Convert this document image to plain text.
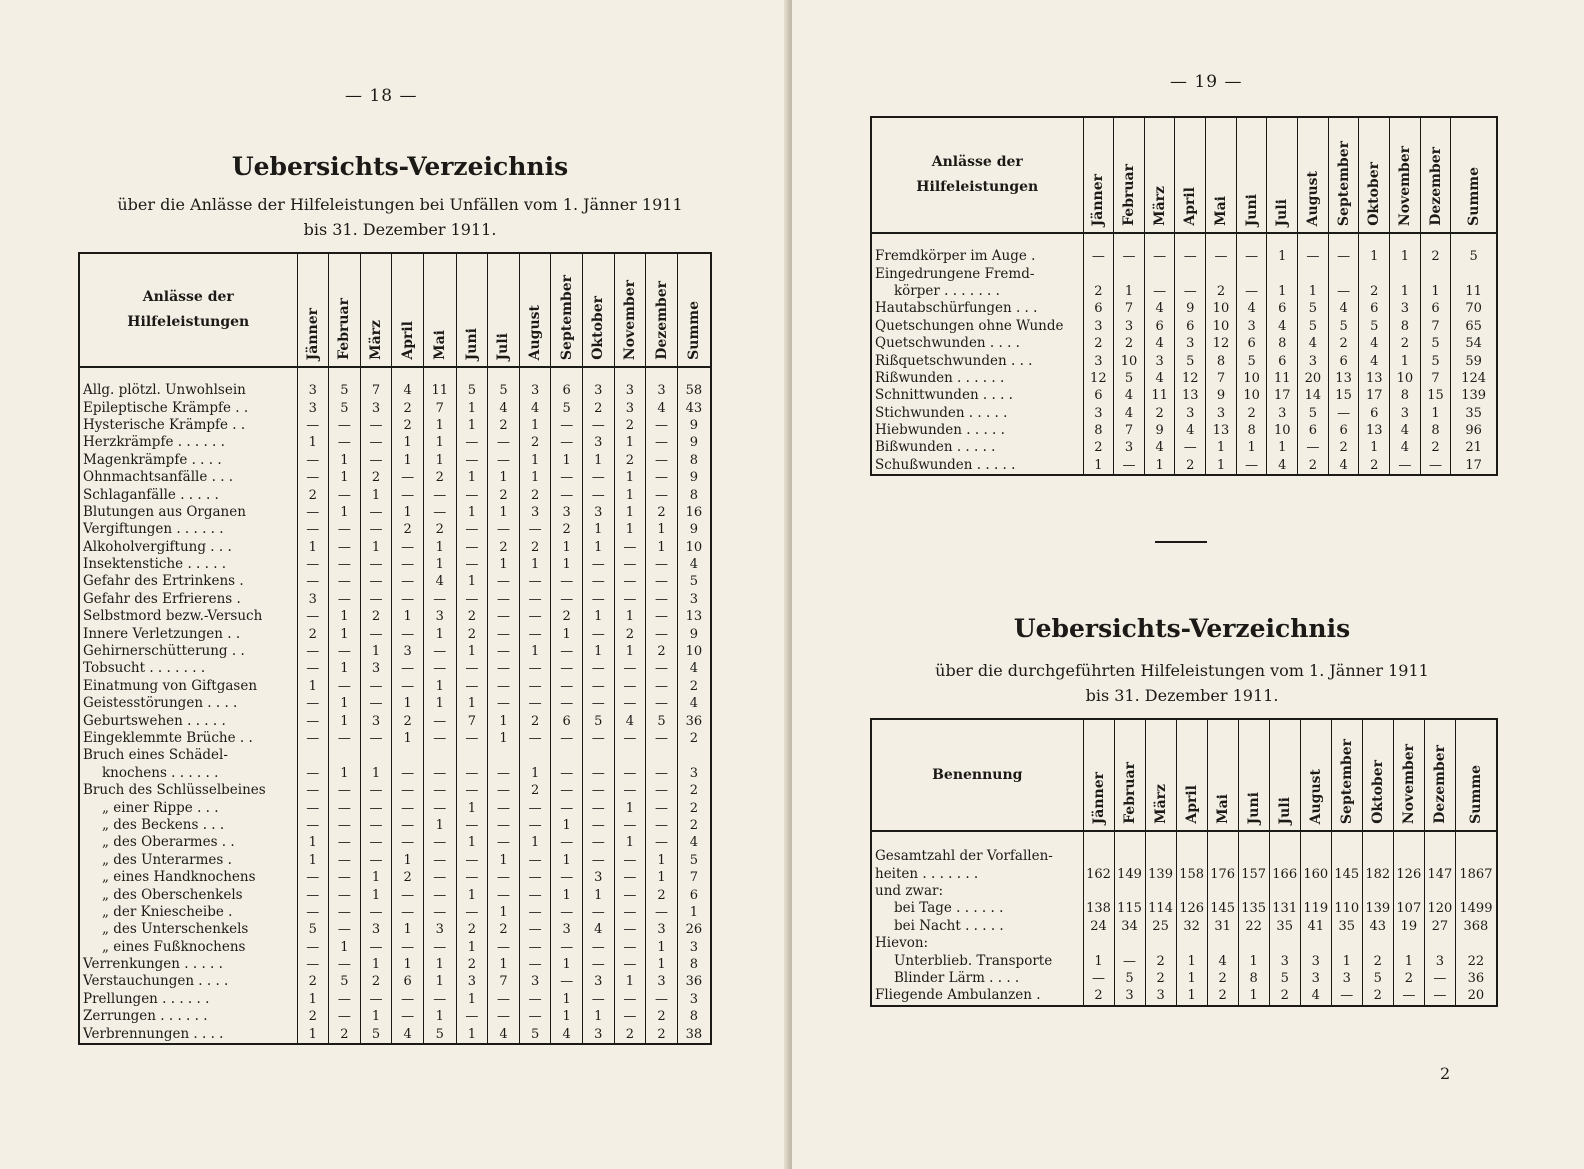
— 18 —
Uebersichts-Verzeichnis
über die Anlässe der Hilfeleistungen bei Unfällen vom 1. Jänner 1911
bis 31. Dezember 1911.
Anlässe der
Hilfeleistungen	Jänner	Februar	März	April	Mai	Juni	Juli	August	September	Oktober	November	Dezember	Summe

Allg. plötzl. Unwohlsein	3	5	7	4	11	5	5	3	6	3	3	3	58
Epileptische Krämpfe . .	3	5	3	2	7	1	4	4	5	2	3	4	43
Hysterische Krämpfe . .	—	—	—	2	1	1	2	1	—	—	2	—	9
Herzkrämpfe . . . . . .	1	—	—	1	1	—	—	2	—	3	1	—	9
Magenkrämpfe . . . .	—	1	—	1	1	—	—	1	1	1	2	—	8
Ohnmachtsanfälle . . .	—	1	2	—	2	1	1	1	—	—	1	—	9
Schlaganfälle . . . . .	2	—	1	—	—	—	2	2	—	—	1	—	8
Blutungen aus Organen	—	1	—	1	—	1	1	3	3	3	1	2	16
Vergiftungen . . . . . .	—	—	—	2	2	—	—	—	2	1	1	1	9
Alkoholvergiftung . . .	1	—	1	—	1	—	2	2	1	1	—	1	10
Insektenstiche . . . . .	—	—	—	—	1	—	1	1	1	—	—	—	4
Gefahr des Ertrinkens .	—	—	—	—	4	1	—	—	—	—	—	—	5
Gefahr des Erfrierens .	3	—	—	—	—	—	—	—	—	—	—	—	3
Selbstmord bezw.-Versuch	—	1	2	1	3	2	—	—	2	1	1	—	13
Innere Verletzungen . .	2	1	—	—	1	2	—	—	1	—	2	—	9
Gehirnerschütterung . .	—	—	1	3	—	1	—	1	—	1	1	2	10
Tobsucht . . . . . . .	—	1	3	—	—	—	—	—	—	—	—	—	4
Einatmung von Giftgasen	1	—	—	—	1	—	—	—	—	—	—	—	2
Geistesstörungen . . . .	—	1	—	1	1	1	—	—	—	—	—	—	4
Geburtswehen . . . . .	—	1	3	2	—	7	1	2	6	5	4	5	36
Eingeklemmte Brüche . .	—	—	—	1	—	—	1	—	—	—	—	—	2
Bruch eines Schädel-													
knochens . . . . . .	—	1	1	—	—	—	—	1	—	—	—	—	3
Bruch des Schlüsselbeines	—	—	—	—	—	—	—	2	—	—	—	—	2
„ einer Rippe . . .	—	—	—	—	—	1	—	—	—	—	1	—	2
„ des Beckens . . .	—	—	—	—	1	—	—	—	1	—	—	—	2
„ des Oberarmes . .	1	—	—	—	—	1	—	1	—	—	1	—	4
„ des Unterarmes .	1	—	—	1	—	—	1	—	1	—	—	1	5
„ eines Handknochens	—	—	1	2	—	—	—	—	—	3	—	1	7
„ des Oberschenkels	—	—	1	—	—	1	—	—	1	1	—	2	6
„ der Kniescheibe .	—	—	—	—	—	—	1	—	—	—	—	—	1
„ des Unterschenkels	5	—	3	1	3	2	2	—	3	4	—	3	26
„ eines Fußknochens	—	1	—	—	—	1	—	—	—	—	—	1	3
Verrenkungen . . . . .	—	—	1	1	1	2	1	—	1	—	—	1	8
Verstauchungen . . . .	2	5	2	6	1	3	7	3	—	3	1	3	36
Prellungen . . . . . .	1	—	—	—	—	1	—	—	1	—	—	—	3
Zerrungen . . . . . .	2	—	1	—	1	—	—	—	1	1	—	2	8
Verbrennungen . . . .	1	2	5	4	5	1	4	5	4	3	2	2	38
— 19 —
Anlässe der
Hilfeleistungen	Jänner	Februar	März	April	Mai	Juni	Juli	August	September	Oktober	November	Dezember	Summe

Fremdkörper im Auge .	—	—	—	—	—	—	1	—	—	1	1	2	5
Eingedrungene Fremd-													
körper . . . . . . .	2	1	—	—	2	—	1	1	—	2	1	1	11
Hautabschürfungen . . .	6	7	4	9	10	4	6	5	4	6	3	6	70
Quetschungen ohne Wunde	3	3	6	6	10	3	4	5	5	5	8	7	65
Quetschwunden . . . .	2	2	4	3	12	6	8	4	2	4	2	5	54
Rißquetschwunden . . .	3	10	3	5	8	5	6	3	6	4	1	5	59
Rißwunden . . . . . .	12	5	4	12	7	10	11	20	13	13	10	7	124
Schnittwunden . . . .	6	4	11	13	9	10	17	14	15	17	8	15	139
Stichwunden . . . . .	3	4	2	3	3	2	3	5	—	6	3	1	35
Hiebwunden . . . . .	8	7	9	4	13	8	10	6	6	13	4	8	96
Bißwunden . . . . .	2	3	4	—	1	1	1	—	2	1	4	2	21
Schußwunden . . . . .	1	—	1	2	1	—	4	2	4	2	—	—	17
Uebersichts-Verzeichnis
über die durchgeführten Hilfeleistungen vom 1. Jänner 1911
bis 31. Dezember 1911.
Benennung	Jänner	Februar	März	April	Mai	Juni	Juli	August	September	Oktober	November	Dezember	Summe

Gesamtzahl der Vorfallen-													
heiten . . . . . . .	162	149	139	158	176	157	166	160	145	182	126	147	1867
und zwar:													
bei Tage . . . . . .	138	115	114	126	145	135	131	119	110	139	107	120	1499
bei Nacht . . . . .	24	34	25	32	31	22	35	41	35	43	19	27	368
Hievon:													
Unterblieb. Transporte	1	—	2	1	4	1	3	3	1	2	1	3	22
Blinder Lärm . . . .	—	5	2	1	2	8	5	3	3	5	2	—	36
Fliegende Ambulanzen .	2	3	3	1	2	1	2	4	—	2	—	—	20
2
